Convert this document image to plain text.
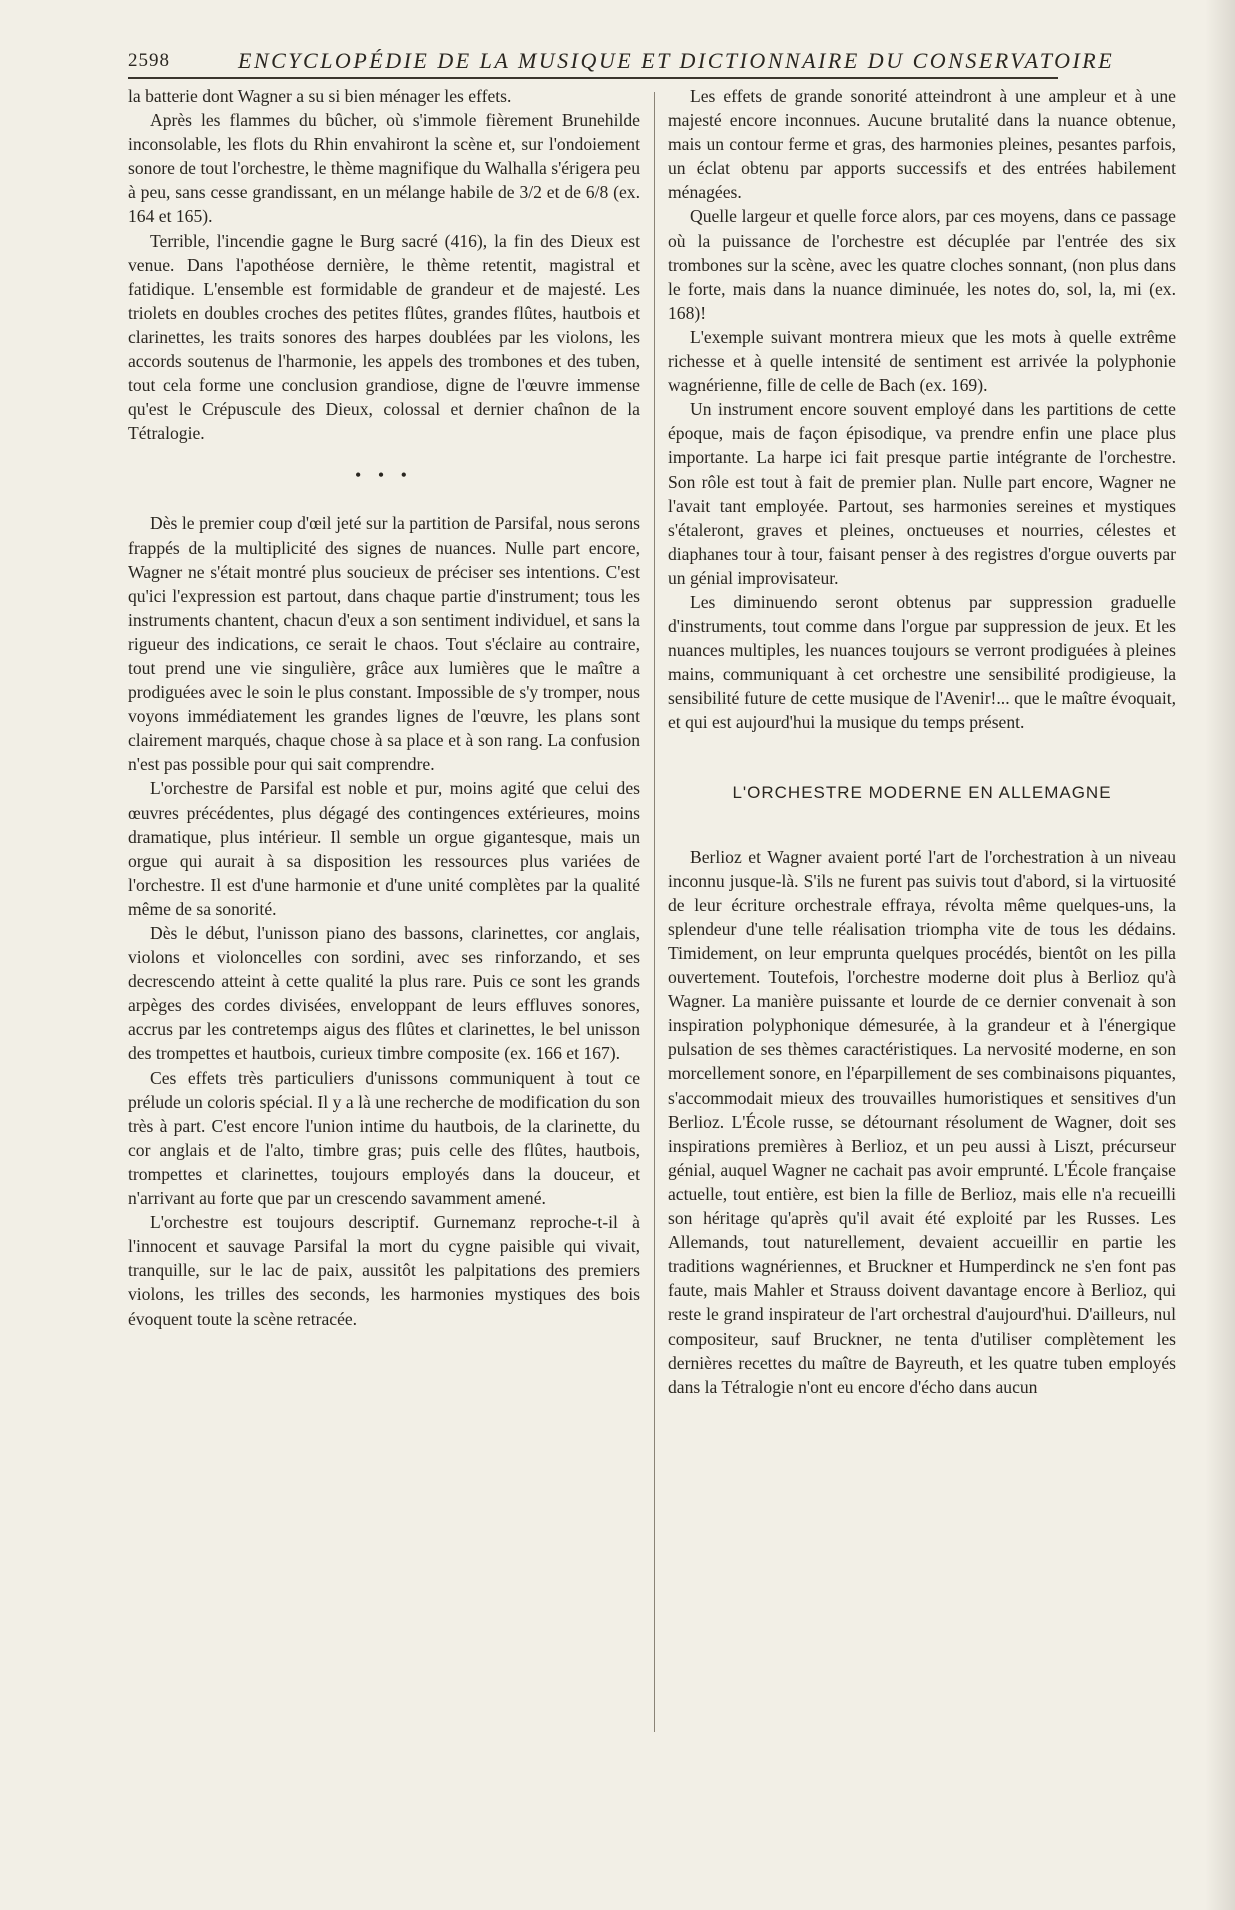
2598	ENCYCLOPÉDIE DE LA MUSIQUE ET DICTIONNAIRE DU CONSERVATOIRE

la batterie dont Wagner a su si bien ménager les effets.

Après les flammes du bûcher, où s'immole fièrement Brunehilde inconsolable, les flots du Rhin envahiront la scène et, sur l'ondoiement sonore de tout l'orchestre, le thème magnifique du Walhalla s'érigera peu à peu, sans cesse grandissant, en un mélange habile de 3/2 et de 6/8 (ex. 164 et 165).

Terrible, l'incendie gagne le Burg sacré (416), la fin des Dieux est venue. Dans l'apothéose dernière, le thème retentit, magistral et fatidique. L'ensemble est formidable de grandeur et de majesté. Les triolets en doubles croches des petites flûtes, grandes flûtes, hautbois et clarinettes, les traits sonores des harpes doublées par les violons, les accords soutenus de l'harmonie, les appels des trombones et des tuben, tout cela forme une conclusion grandiose, digne de l'œuvre immense qu'est le Crépuscule des Dieux, colossal et dernier chaînon de la Tétralogie.

• • •

Dès le premier coup d'œil jeté sur la partition de Parsifal, nous serons frappés de la multiplicité des signes de nuances. Nulle part encore, Wagner ne s'était montré plus soucieux de préciser ses intentions. C'est qu'ici l'expression est partout, dans chaque partie d'instrument; tous les instruments chantent, chacun d'eux a son sentiment individuel, et sans la rigueur des indications, ce serait le chaos. Tout s'éclaire au contraire, tout prend une vie singulière, grâce aux lumières que le maître a prodiguées avec le soin le plus constant. Impossible de s'y tromper, nous voyons immédiatement les grandes lignes de l'œuvre, les plans sont clairement marqués, chaque chose à sa place et à son rang. La confusion n'est pas possible pour qui sait comprendre.

L'orchestre de Parsifal est noble et pur, moins agité que celui des œuvres précédentes, plus dégagé des contingences extérieures, moins dramatique, plus intérieur. Il semble un orgue gigantesque, mais un orgue qui aurait à sa disposition les ressources plus variées de l'orchestre. Il est d'une harmonie et d'une unité complètes par la qualité même de sa sonorité.

Dès le début, l'unisson piano des bassons, clarinettes, cor anglais, violons et violoncelles con sordini, avec ses rinforzando, et ses decrescendo atteint à cette qualité la plus rare. Puis ce sont les grands arpèges des cordes divisées, enveloppant de leurs effluves sonores, accrus par les contretemps aigus des flûtes et clarinettes, le bel unisson des trompettes et hautbois, curieux timbre composite (ex. 166 et 167).

Ces effets très particuliers d'unissons communiquent à tout ce prélude un coloris spécial. Il y a là une recherche de modification du son très à part. C'est encore l'union intime du hautbois, de la clarinette, du cor anglais et de l'alto, timbre gras; puis celle des flûtes, hautbois, trompettes et clarinettes, toujours employés dans la douceur, et n'arrivant au forte que par un crescendo savamment amené.

L'orchestre est toujours descriptif. Gurnemanz reproche-t-il à l'innocent et sauvage Parsifal la mort du cygne paisible qui vivait, tranquille, sur le lac de paix, aussitôt les palpitations des premiers violons, les trilles des seconds, les harmonies mystiques des bois évoquent toute la scène retracée.

Les effets de grande sonorité atteindront à une ampleur et à une majesté encore inconnues. Aucune brutalité dans la nuance obtenue, mais un contour ferme et gras, des harmonies pleines, pesantes parfois, un éclat obtenu par apports successifs et des entrées habilement ménagées.

Quelle largeur et quelle force alors, par ces moyens, dans ce passage où la puissance de l'orchestre est décuplée par l'entrée des six trombones sur la scène, avec les quatre cloches sonnant, (non plus dans le forte, mais dans la nuance diminuée, les notes do, sol, la, mi (ex. 168)!

L'exemple suivant montrera mieux que les mots à quelle extrême richesse et à quelle intensité de sentiment est arrivée la polyphonie wagnérienne, fille de celle de Bach (ex. 169).

Un instrument encore souvent employé dans les partitions de cette époque, mais de façon épisodique, va prendre enfin une place plus importante. La harpe ici fait presque partie intégrante de l'orchestre. Son rôle est tout à fait de premier plan. Nulle part encore, Wagner ne l'avait tant employée. Partout, ses harmonies sereines et mystiques s'étaleront, graves et pleines, onctueuses et nourries, célestes et diaphanes tour à tour, faisant penser à des registres d'orgue ouverts par un génial improvisateur.

Les diminuendo seront obtenus par suppression graduelle d'instruments, tout comme dans l'orgue par suppression de jeux. Et les nuances multiples, les nuances toujours se verront prodiguées à pleines mains, communiquant à cet orchestre une sensibilité prodigieuse, la sensibilité future de cette musique de l'Avenir!... que le maître évoquait, et qui est aujourd'hui la musique du temps présent.

L'ORCHESTRE MODERNE EN ALLEMAGNE

Berlioz et Wagner avaient porté l'art de l'orchestration à un niveau inconnu jusque-là. S'ils ne furent pas suivis tout d'abord, si la virtuosité de leur écriture orchestrale effraya, révolta même quelques-uns, la splendeur d'une telle réalisation triompha vite de tous les dédains. Timidement, on leur emprunta quelques procédés, bientôt on les pilla ouvertement. Toutefois, l'orchestre moderne doit plus à Berlioz qu'à Wagner. La manière puissante et lourde de ce dernier convenait à son inspiration polyphonique démesurée, à la grandeur et à l'énergique pulsation de ses thèmes caractéristiques. La nervosité moderne, en son morcellement sonore, en l'éparpillement de ses combinaisons piquantes, s'accommodait mieux des trouvailles humoristiques et sensitives d'un Berlioz. L'École russe, se détournant résolument de Wagner, doit ses inspirations premières à Berlioz, et un peu aussi à Liszt, précurseur génial, auquel Wagner ne cachait pas avoir emprunté. L'École française actuelle, tout entière, est bien la fille de Berlioz, mais elle n'a recueilli son héritage qu'après qu'il avait été exploité par les Russes. Les Allemands, tout naturellement, devaient accueillir en partie les traditions wagnériennes, et Bruckner et Humperdinck ne s'en font pas faute, mais Mahler et Strauss doivent davantage encore à Berlioz, qui reste le grand inspirateur de l'art orchestral d'aujourd'hui. D'ailleurs, nul compositeur, sauf Bruckner, ne tenta d'utiliser complètement les dernières recettes du maître de Bayreuth, et les quatre tuben employés dans la Tétralogie n'ont eu encore d'écho dans aucun
